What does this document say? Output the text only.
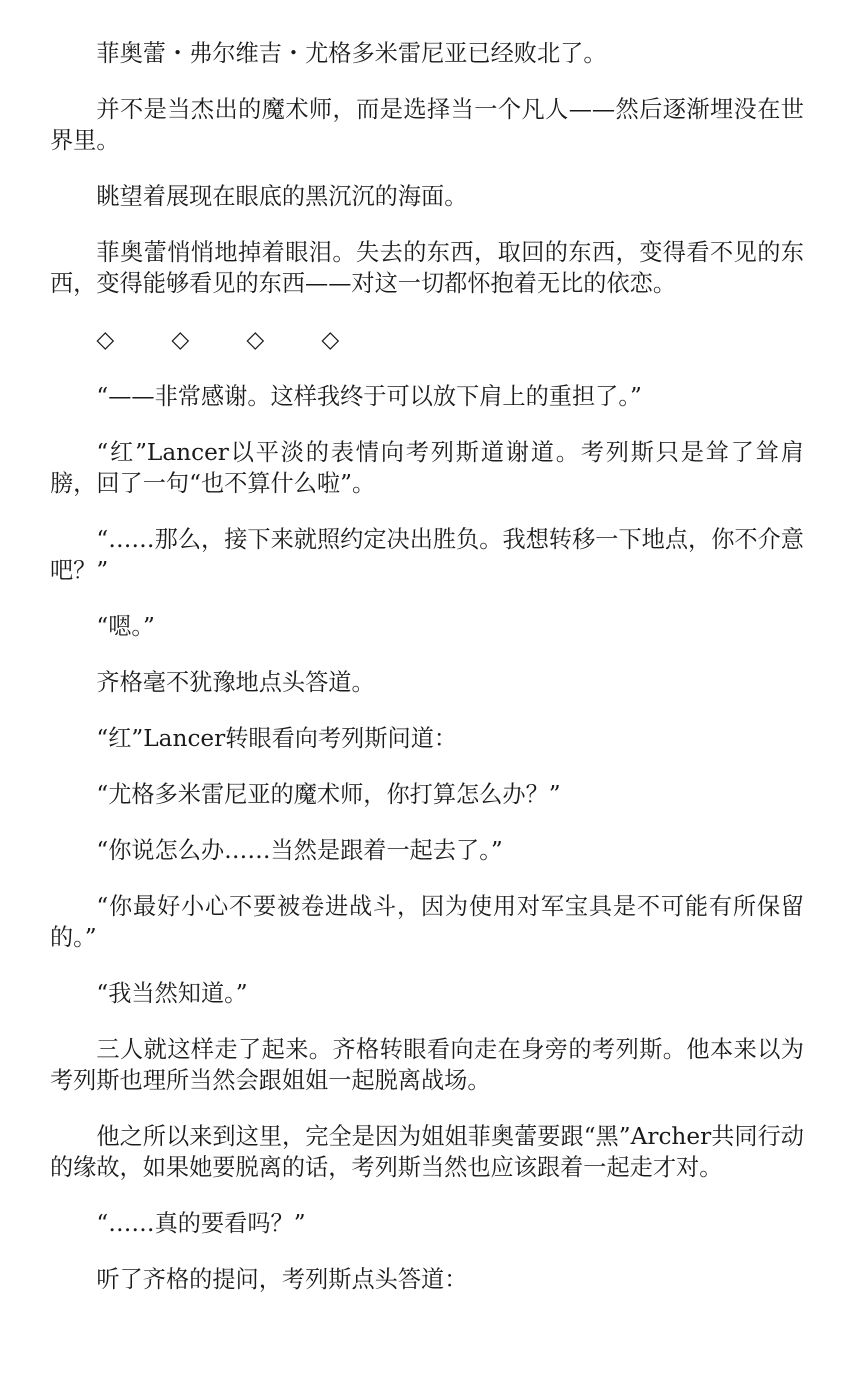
菲奥蕾・弗尔维吉・尤格多米雷尼亚已经败北了。

并不是当杰出的魔术师，而是选择当一个凡人——然后逐渐埋没在世界里。

眺望着展现在眼底的黑沉沉的海面。

菲奥蕾悄悄地掉着眼泪。失去的东西，取回的东西，变得看不见的东西，变得能够看见的东西——对这一切都怀抱着无比的依恋。

◇ ◇ ◇ ◇

“——非常感谢。这样我终于可以放下肩上的重担了。”

“红”Lancer以平淡的表情向考列斯道谢道。考列斯只是耸了耸肩膀，回了一句“也不算什么啦”。

“……那么，接下来就照约定决出胜负。我想转移一下地点，你不介意吧？”

“嗯。”

齐格毫不犹豫地点头答道。

“红”Lancer转眼看向考列斯问道：

“尤格多米雷尼亚的魔术师，你打算怎么办？”

“你说怎么办……当然是跟着一起去了。”

“你最好小心不要被卷进战斗，因为使用对军宝具是不可能有所保留的。”

“我当然知道。”

三人就这样走了起来。齐格转眼看向走在身旁的考列斯。他本来以为考列斯也理所当然会跟姐姐一起脱离战场。

他之所以来到这里，完全是因为姐姐菲奥蕾要跟“黑”Archer共同行动的缘故，如果她要脱离的话，考列斯当然也应该跟着一起走才对。

“……真的要看吗？”

听了齐格的提问，考列斯点头答道：
